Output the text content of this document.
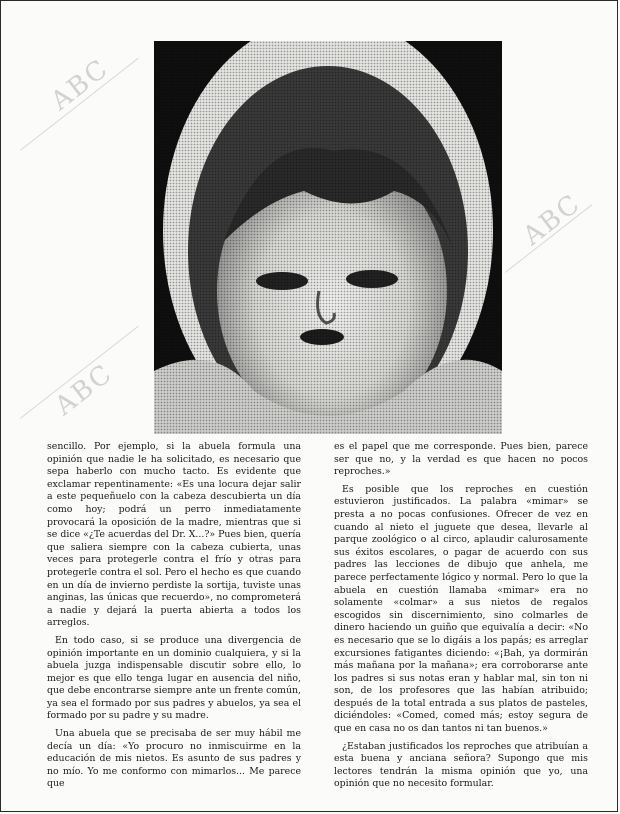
ABC
ABC
ABC

sencillo. Por ejemplo, si la abuela formula una opinión que nadie le ha solicitado, es necesario que sepa haberlo con mucho tacto. Es evidente que exclamar repentinamente: «Es una locura dejar salir a este pequeñuelo con la cabeza descubierta un día como hoy; podrá un perro inmediatamente provocará la oposición de la madre, mientras que si se dice «¿Te acuerdas del Dr. X...?» Pues bien, quería que saliera siempre con la cabeza cubierta, unas veces para protegerle contra el frío y otras para protegerle contra el sol. Pero el hecho es que cuando en un día de invierno perdiste la sortija, tuviste unas anginas, las únicas que recuerdo», no comprometerá a nadie y dejará la puerta abierta a todos los arreglos.

En todo caso, si se produce una divergencia de opinión importante en un dominio cualquiera, y si la abuela juzga indispensable discutir sobre ello, lo mejor es que ello tenga lugar en ausencia del niño, que debe encontrarse siempre ante un frente común, ya sea el formado por sus padres y abuelos, ya sea el formado por su padre y su madre.

Una abuela que se precisaba de ser muy hábil me decía un día: «Yo procuro no inmiscuirme en la educación de mis nietos. Es asunto de sus padres y no mío. Yo me conformo con mimarlos... Me parece que

es el papel que me corresponde. Pues bien, parece ser que no, y la verdad es que hacen no pocos reproches.»

Es posible que los reproches en cuestión estuvieron justificados. La palabra «mimar» se presta a no pocas confusiones. Ofrecer de vez en cuando al nieto el juguete que desea, llevarle al parque zoológico o al circo, aplaudir calurosamente sus éxitos escolares, o pagar de acuerdo con sus padres las lecciones de dibujo que anhela, me parece perfectamente lógico y normal. Pero lo que la abuela en cuestión llamaba «mimar» era no solamente «colmar» a sus nietos de regalos escogidos sin discernimiento, sino colmarles de dinero haciendo un guiño que equivalía a decir: «No es necesario que se lo digáis a los papás; es arreglar excursiones fatigantes diciendo: «¡Bah, ya dormirán más mañana por la mañana»; era corroborarse ante los padres si sus notas eran y hablar mal, sin ton ni son, de los profesores que las habían atribuido; después de la total entrada a sus platos de pasteles, diciéndoles: «Comed, comed más; estoy segura de que en casa no os dan tantos ni tan buenos.»

¿Estaban justificados los reproches que atribuían a esta buena y anciana señora? Supongo que mis lectores tendrán la misma opinión que yo, una opinión que no necesito formular.
